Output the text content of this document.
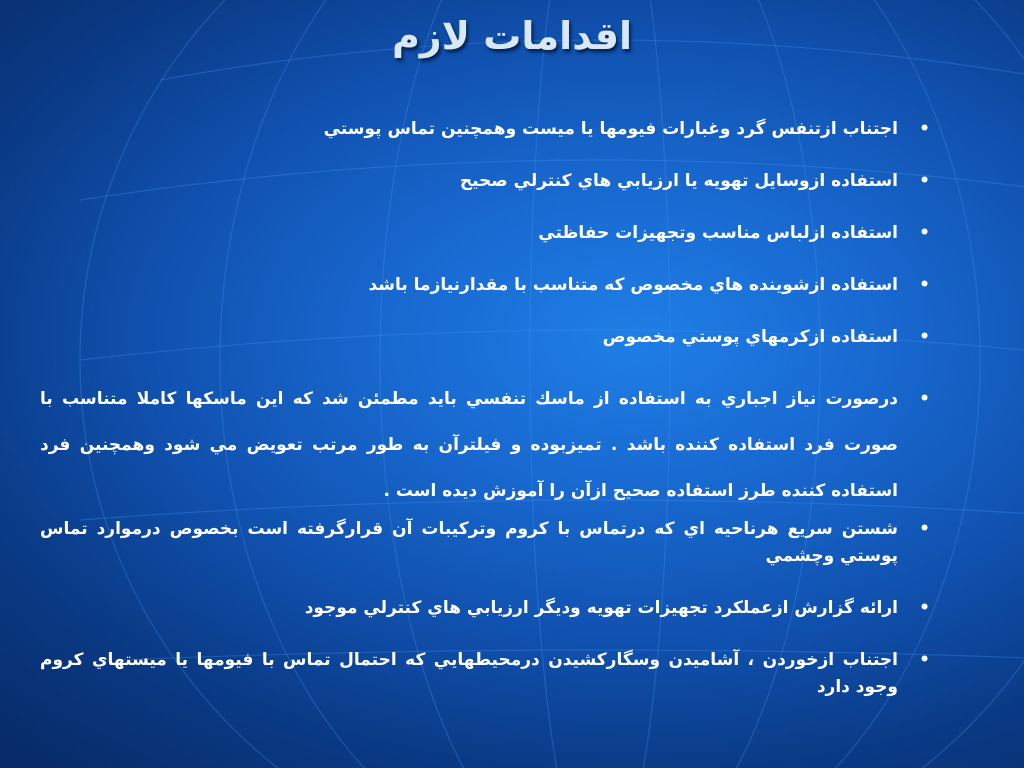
اقدامات لازم
•
اجتناب ازتنفس گرد وغبارات فيومها يا ميست وهمچنين تماس پوستي
•
استفاده ازوسايل تهويه يا ارزيابي هاي كنترلي صحيح
•
استفاده ازلباس مناسب وتجهيزات حفاظتي
•
استفاده ازشوينده هاي مخصوص كه متناسب با مقدارنيازما باشد
•
استفاده ازكرمهاي پوستي مخصوص
•
درصورت نياز اجباري به استفاده از ماسك تنفسي بايد مطمئن شد كه اين ماسكها كاملا متناسب با صورت فرد استفاده كننده باشد . تميزبوده و فيلترآن به طور مرتب تعويض مي شود وهمچنين فرد استفاده كننده طرز استفاده صحيح ازآن را آموزش ديده است .
•
شستن سريع هرناحيه اي كه درتماس با كروم وتركيبات آن قرارگرفته است بخصوص درموارد تماس پوستي وچشمي
•
ارائه گزارش ازعملكرد تجهيزات تهويه وديگر ارزيابي هاي كنترلي موجود
•
اجتناب ازخوردن ، آشاميدن وسگاركشيدن درمحيطهايي كه احتمال تماس با فيومها يا ميستهاي كروم وجود دارد
